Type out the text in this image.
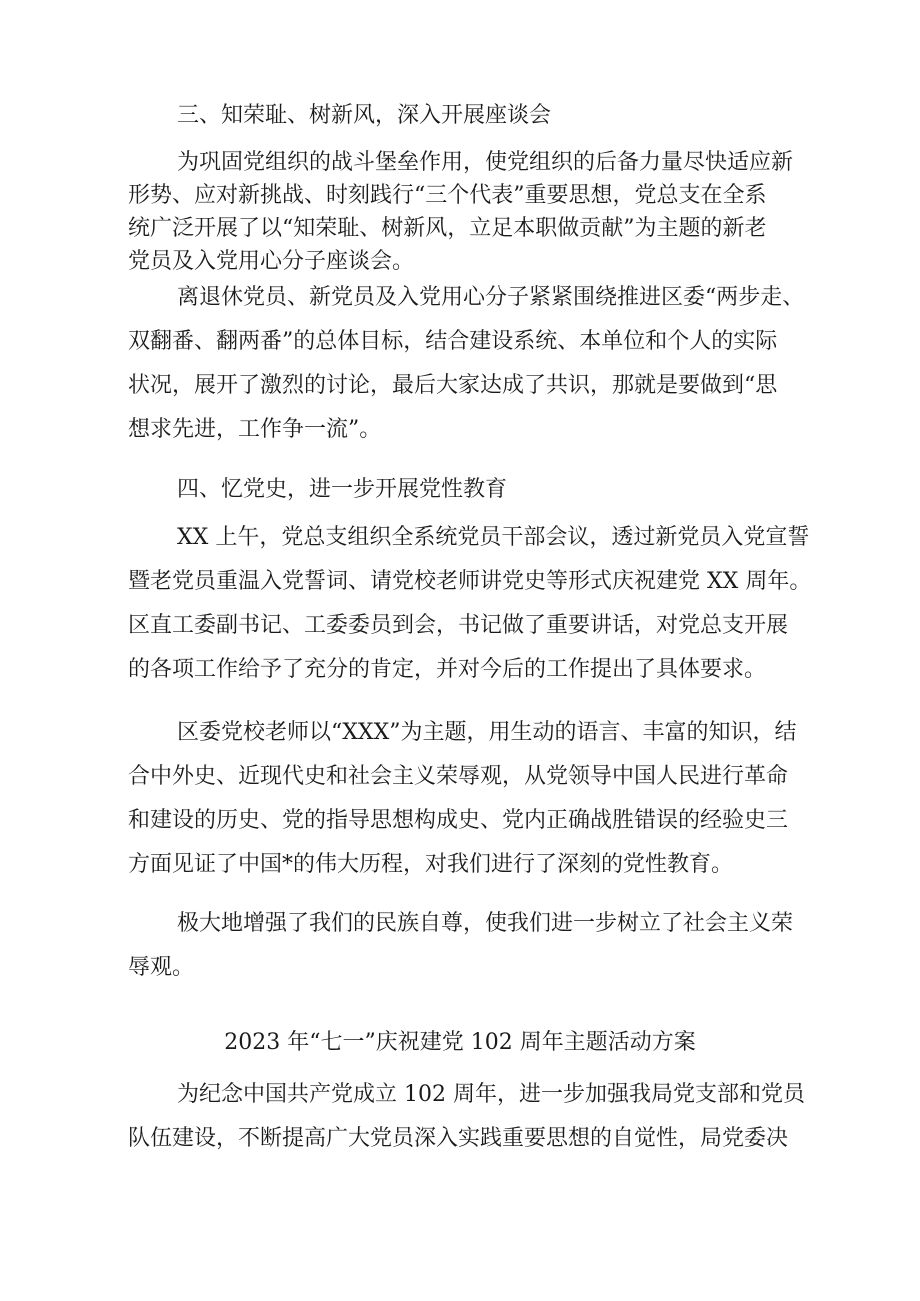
三、知荣耻、树新风，深入开展座谈会
为巩固党组织的战斗堡垒作用，使党组织的后备力量尽快适应新
形势、应对新挑战、时刻践行“三个代表”重要思想，党总支在全系
统广泛开展了以“知荣耻、树新风，立足本职做贡献”为主题的新老
党员及入党用心分子座谈会。
离退休党员、新党员及入党用心分子紧紧围绕推进区委“两步走、
双翻番、翻两番”的总体目标，结合建设系统、本单位和个人的实际
状况，展开了激烈的讨论，最后大家达成了共识，那就是要做到“思
想求先进，工作争一流”。
四、忆党史，进一步开展党性教育
XX 上午，党总支组织全系统党员干部会议，透过新党员入党宣誓
暨老党员重温入党誓词、请党校老师讲党史等形式庆祝建党 XX 周年。
区直工委副书记、工委委员到会，书记做了重要讲话，对党总支开展
的各项工作给予了充分的肯定，并对今后的工作提出了具体要求。
区委党校老师以“XXX”为主题，用生动的语言、丰富的知识，结
合中外史、近现代史和社会主义荣辱观，从党领导中国人民进行革命
和建设的历史、党的指导思想构成史、党内正确战胜错误的经验史三
方面见证了中国*的伟大历程，对我们进行了深刻的党性教育。
极大地增强了我们的民族自尊，使我们进一步树立了社会主义荣
辱观。
2023 年“七一”庆祝建党 102 周年主题活动方案
为纪念中国共产党成立 102 周年，进一步加强我局党支部和党员
队伍建设，不断提高广大党员深入实践重要思想的自觉性，局党委决
